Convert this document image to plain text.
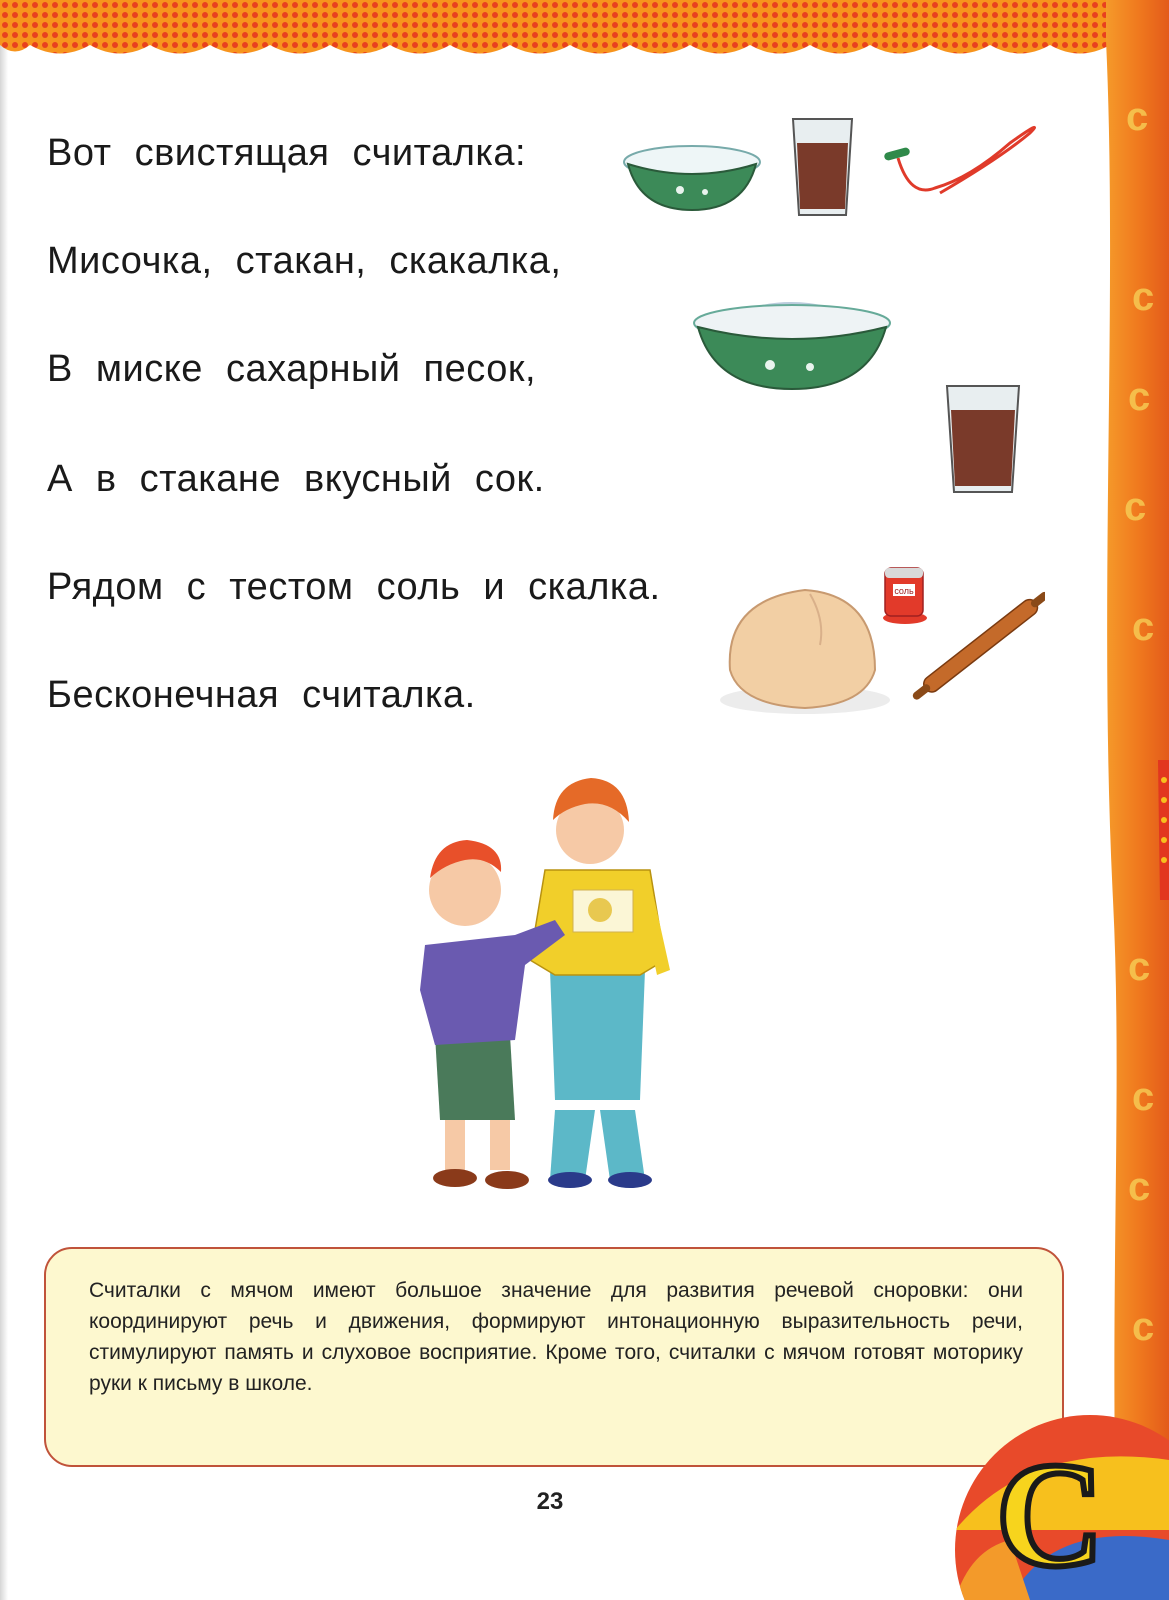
с
с
с
с
с
с
с
с
с

Вот свистящая считалка:

Мисочка, стакан, скакалка,

В миске сахарный песок,

А в стакане вкусный сок.

Рядом с тестом соль и скалка.

Бесконечная считалка.

соль

Считалки с мячом имеют большое значение для развития речевой сноровки: они координируют речь и движения, формируют интонационную выразительность речи, стимулируют память и слуховое восприятие. Кроме того, считалки с мячом готовят моторику руки к письму в школе.

23	С
